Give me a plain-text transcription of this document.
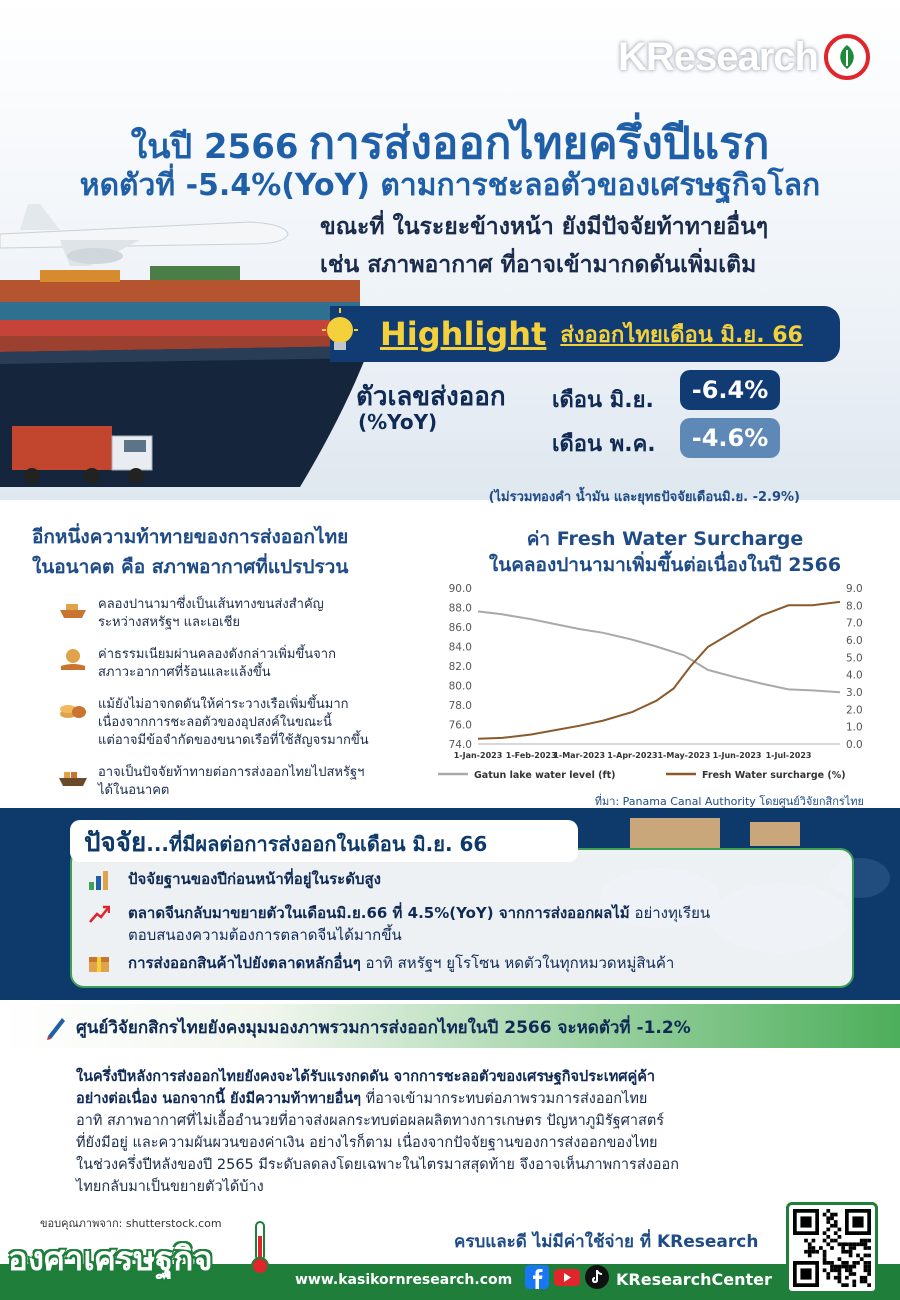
KResearch
ในปี 2566 การส่งออกไทยครึ่งปีแรก
หดตัวที่ -5.4%(YoY) ตามการชะลอตัวของเศรษฐกิจโลก
ขณะที่ ในระยะข้างหน้า ยังมีปัจจัยท้าทายอื่นๆ
เช่น สภาพอากาศ ที่อาจเข้ามากดดันเพิ่มเติม
Highlight ส่งออกไทยเดือน มิ.ย. 66
ตัวเลขส่งออก
(%YoY)
เดือน มิ.ย.	-6.4%
เดือน พ.ค.	-4.6%
(ไม่รวมทองคำ น้ำมัน และยุทธปัจจัยเดือนมิ.ย. -2.9%)
อีกหนึ่งความท้าทายของการส่งออกไทย
ในอนาคต คือ สภาพอากาศที่แปรปรวน
คลองปานามาซึ่งเป็นเส้นทางขนส่งสำคัญ
ระหว่างสหรัฐฯ และเอเชีย
ค่าธรรมเนียมผ่านคลองดังกล่าวเพิ่มขึ้นจาก
สภาวะอากาศที่ร้อนและแล้งขึ้น
แม้ยังไม่อาจกดดันให้ค่าระวางเรือเพิ่มขึ้นมาก
เนื่องจากการชะลอตัวของอุปสงค์ในขณะนี้
แต่อาจมีข้อจำกัดของขนาดเรือที่ใช้สัญจรมากขึ้น
อาจเป็นปัจจัยท้าทายต่อการส่งออกไทยไปสหรัฐฯ
ได้ในอนาคต
ค่า Fresh Water Surcharge
ในคลองปานามาเพิ่มขึ้นต่อเนื่องในปี 2566
74.0
76.0
78.0
80.0
82.0
84.0
86.0
88.0
90.0
0.0
1.0
2.0
3.0
4.0
5.0
6.0
7.0
8.0
9.0
1-Jan-2023 1-Feb-2023
1-Mar-2023 1-Apr-2023 1-May-2023 1-Jun-2023 1-Jul-2023
Gatun lake water level (ft)	Fresh Water surcharge (%)
ที่มา: Panama Canal Authority โดยศูนย์วิจัยกสิกรไทย
ปัจจัย...ที่มีผลต่อการส่งออกในเดือน มิ.ย. 66
ปัจจัยฐานของปีก่อนหน้าที่อยู่ในระดับสูง
ตลาดจีนกลับมาขยายตัวในเดือนมิ.ย.66 ที่ 4.5%(YoY) จากการส่งออกผลไม้ อย่างทุเรียน
ตอบสนองความต้องการตลาดจีนได้มากขึ้น
การส่งออกสินค้าไปยังตลาดหลักอื่นๆ อาทิ สหรัฐฯ ยูโรโซน หดตัวในทุกหมวดหมู่สินค้า
ศูนย์วิจัยกสิกรไทยยังคงมุมมองภาพรวมการส่งออกไทยในปี 2566 จะหดตัวที่ -1.2%
ในครึ่งปีหลังการส่งออกไทยยังคงจะได้รับแรงกดดัน จากการชะลอตัวของเศรษฐกิจประเทศคู่ค้า
อย่างต่อเนื่อง นอกจากนี้ ยังมีความท้าทายอื่นๆ ที่อาจเข้ามากระทบต่อภาพรวมการส่งออกไทย
อาทิ สภาพอากาศที่ไม่เอื้ออำนวยที่อาจส่งผลกระทบต่อผลผลิตทางการเกษตร ปัญหาภูมิรัฐศาสตร์
ที่ยังมีอยู่ และความผันผวนของค่าเงิน อย่างไรก็ตาม เนื่องจากปัจจัยฐานของการส่งออกของไทย
ในช่วงครึ่งปีหลังของปี 2565 มีระดับลดลงโดยเฉพาะในไตรมาสสุดท้าย จึงอาจเห็นภาพการส่งออก
ไทยกลับมาเป็นขยายตัวได้บ้าง
ขอบคุณภาพจาก: shutterstock.com
องศาเศรษฐกิจ	ครบและดี ไม่มีค่าใช้จ่าย ที่ KResearch
www.kasikornresearch.com	KResearchCenter
